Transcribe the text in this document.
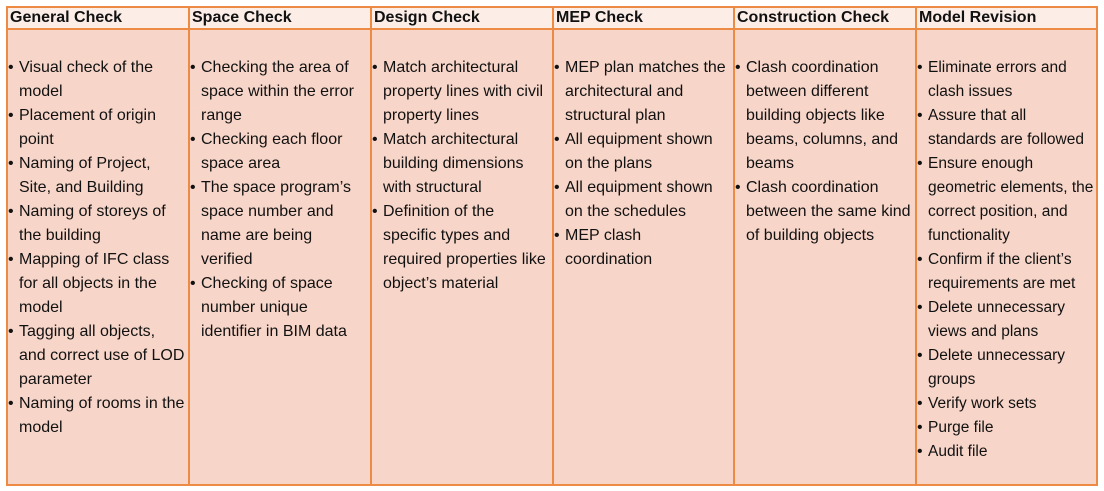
General Check
• Visual check of the model
• Placement of origin point
• Naming of Project, Site, and Building
• Naming of storeys of the building
• Mapping of IFC class for all objects in the model
• Tagging all objects, and correct use of LOD parameter
• Naming of rooms in the model
Space Check
• Checking the area of space within the error range
• Checking each floor space area
• The space program’s space number and name are being verified
• Checking of space number unique identifier in BIM data
Design Check
• Match architectural property lines with civil property lines
• Match architectural building dimensions with structural
• Definition of the specific types and required properties like object’s material
MEP Check
• MEP plan matches the architectural and structural plan
• All equipment shown on the plans
• All equipment shown on the schedules
• MEP clash coordination
Construction Check
• Clash coordination between different building objects like beams, columns, and beams
• Clash coordination between the same kind of building objects
Model Revision
• Eliminate errors and clash issues
• Assure that all standards are followed
• Ensure enough geometric elements, the correct position, and functionality
• Confirm if the client’s requirements are met
• Delete unnecessary views and plans
• Delete unnecessary groups
• Verify work sets
• Purge file
• Audit file
